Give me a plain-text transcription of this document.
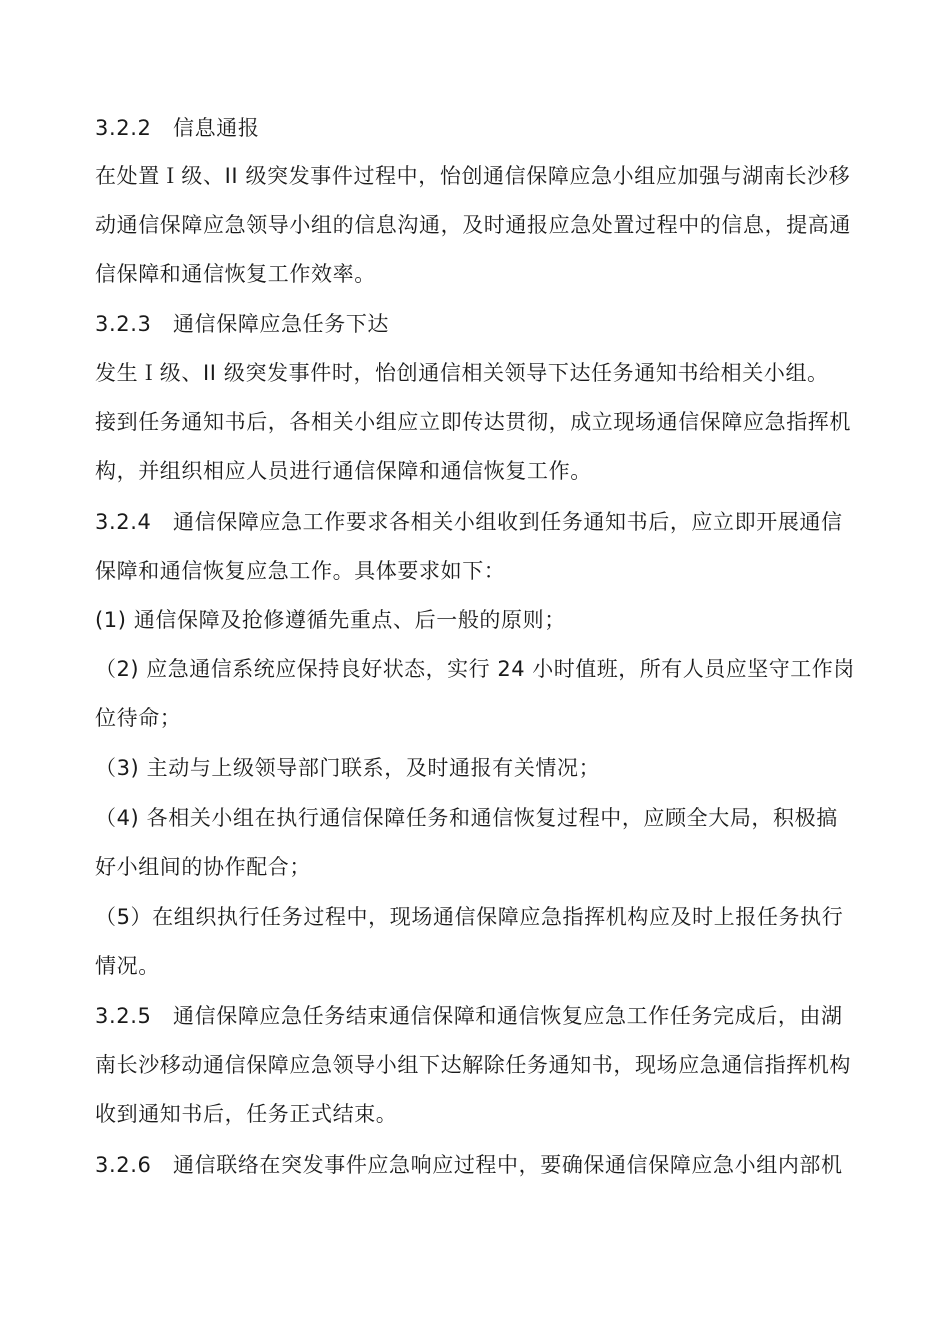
3.2.2　信息通报
在处置Ｉ级、II 级突发事件过程中，怡创通信保障应急小组应加强与湖南长沙移
动通信保障应急领导小组的信息沟通，及时通报应急处置过程中的信息，提高通
信保障和通信恢复工作效率。
3.2.3　通信保障应急任务下达
发生Ｉ级、II 级突发事件时，怡创通信相关领导下达任务通知书给相关小组。
接到任务通知书后，各相关小组应立即传达贯彻，成立现场通信保障应急指挥机
构，并组织相应人员进行通信保障和通信恢复工作。
3.2.4　通信保障应急工作要求各相关小组收到任务通知书后，应立即开展通信
保障和通信恢复应急工作。具体要求如下：
(1) 通信保障及抢修遵循先重点、后一般的原则；
（2) 应急通信系统应保持良好状态，实行 24 小时值班，所有人员应坚守工作岗
位待命；
（3) 主动与上级领导部门联系，及时通报有关情况；
（4) 各相关小组在执行通信保障任务和通信恢复过程中，应顾全大局，积极搞
好小组间的协作配合；
（5）在组织执行任务过程中，现场通信保障应急指挥机构应及时上报任务执行
情况。
3.2.5　通信保障应急任务结束通信保障和通信恢复应急工作任务完成后，由湖
南长沙移动通信保障应急领导小组下达解除任务通知书，现场应急通信指挥机构
收到通知书后，任务正式结束。
3.2.6　通信联络在突发事件应急响应过程中，要确保通信保障应急小组内部机
